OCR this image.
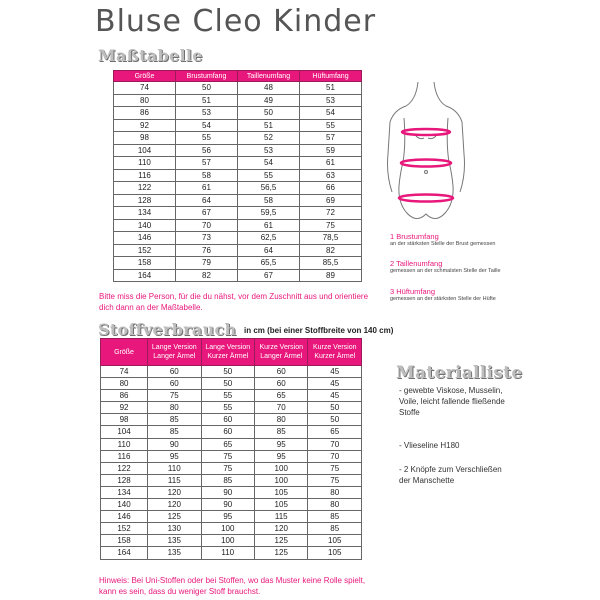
Bluse Cleo Kinder
Maßtabelle
Größe	Brustumfang	Taillenumfang	Hüftumfang
74	50	48	51
80	51	49	53
86	53	50	54
92	54	51	55
98	55	52	57
104	56	53	59
110	57	54	61
116	58	55	63
122	61	56,5	66
128	64	58	69
134	67	59,5	72
140	70	61	75
146	73	62,5	78,5
152	76	64	82
158	79	65,5	85,5
164	82	67	89
Bitte miss die Person, für die du nähst, vor dem Zuschnitt aus und orientiere dich dann an der Maßtabelle.
1 Brustumfang
an der stärksten Stelle der Brust gemessen
2 Taillenumfang
gemessen an der schmalsten Stelle der Taille
3 Hüftumfang
gemessen an der stärksten Stelle der Hüfte
Stoffverbrauch in cm (bei einer Stoffbreite von 140 cm)
Größe	Lange Version Langer Ärmel	Lange Version Kurzer Ärmel	Kurze Version Langer Ärmel	Kurze Version Kurzer Ärmel
74	60	50	60	45
80	60	50	60	45
86	75	55	65	45
92	80	55	70	50
98	85	60	80	50
104	85	60	85	65
110	90	65	95	70
116	95	75	95	70
122	110	75	100	75
128	115	85	100	75
134	120	90	105	80
140	120	90	105	80
146	125	95	115	85
152	130	100	120	85
158	135	100	125	105
164	135	110	125	105
Hinweis: Bei Uni-Stoffen oder bei Stoffen, wo das Muster keine Rolle spielt, kann es sein, dass du weniger Stoff brauchst.
Materialliste
- gewebte Viskose, Musselin, Voile, leicht fallende fließende Stoffe
- Vlieseline H180
- 2 Knöpfe zum Verschließen der Manschette
